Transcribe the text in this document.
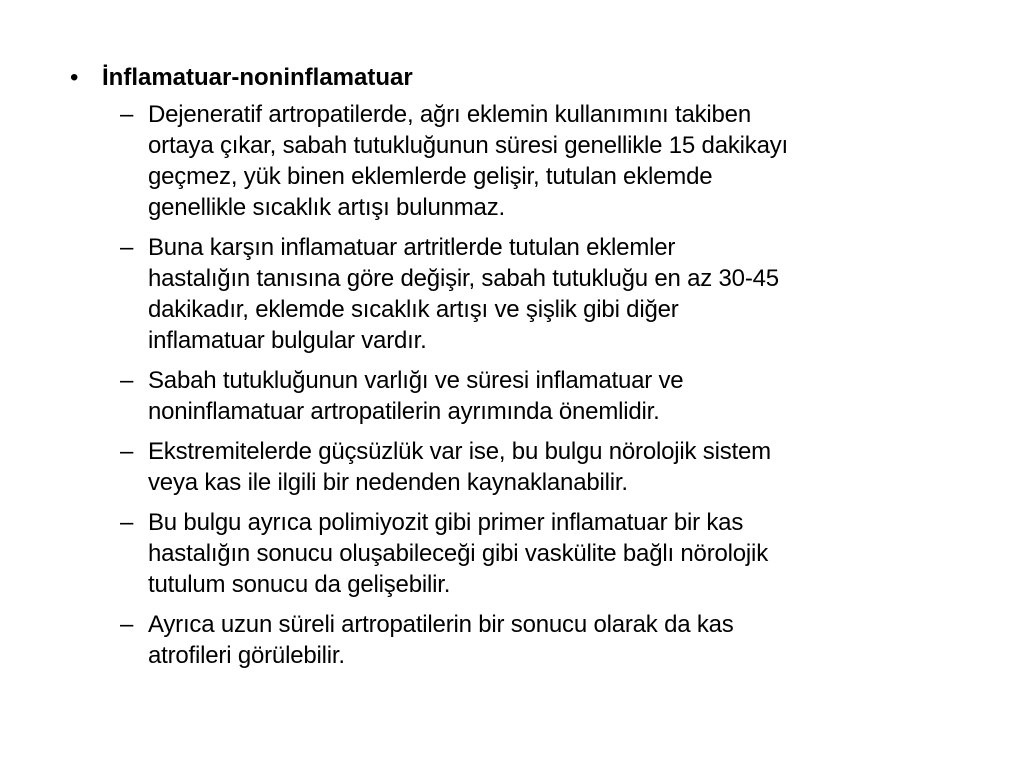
• İnflamatuar-noninflamatuar
– Dejeneratif artropatilerde, ağrı eklemin kullanımını takiben
ortaya çıkar, sabah tutukluğunun süresi genellikle 15 dakikayı
geçmez, yük binen eklemlerde gelişir, tutulan eklemde
genellikle sıcaklık artışı bulunmaz.
– Buna karşın inflamatuar artritlerde tutulan eklemler
hastalığın tanısına göre değişir, sabah tutukluğu en az 30-45
dakikadır, eklemde sıcaklık artışı ve şişlik gibi diğer
inflamatuar bulgular vardır.
– Sabah tutukluğunun varlığı ve süresi inflamatuar ve
noninflamatuar artropatilerin ayrımında önemlidir.
– Ekstremitelerde güçsüzlük var ise, bu bulgu nörolojik sistem
veya kas ile ilgili bir nedenden kaynaklanabilir.
– Bu bulgu ayrıca polimiyozit gibi primer inflamatuar bir kas
hastalığın sonucu oluşabileceği gibi vaskülite bağlı nörolojik
tutulum sonucu da gelişebilir.
– Ayrıca uzun süreli artropatilerin bir sonucu olarak da kas
atrofileri görülebilir.
